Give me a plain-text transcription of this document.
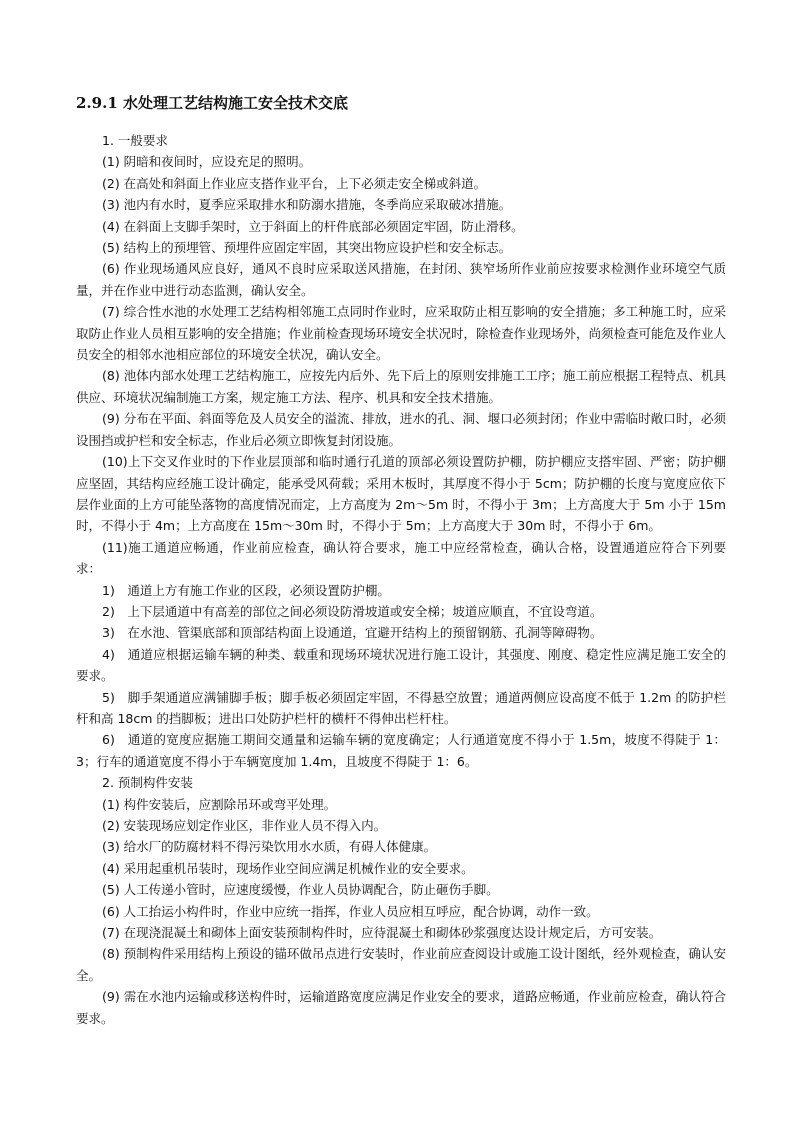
2.9.1 水处理工艺结构施工安全技术交底

1. 一般要求

(1) 阴暗和夜间时，应设充足的照明。

(2) 在高处和斜面上作业应支搭作业平台，上下必须走安全梯或斜道。

(3) 池内有水时，夏季应采取排水和防溺水措施，冬季尚应采取破冰措施。

(4) 在斜面上支脚手架时，立于斜面上的杆件底部必须固定牢固，防止滑移。

(5) 结构上的预埋管、预埋件应固定牢固，其突出物应设护栏和安全标志。

(6) 作业现场通风应良好，通风不良时应采取送风措施，在封闭、狭窄场所作业前应按要求检测作业环境空气质量，并在作业中进行动态监测，确认安全。

(7) 综合性水池的水处理工艺结构相邻施工点同时作业时，应采取防止相互影响的安全措施；多工种施工时，应采取防止作业人员相互影响的安全措施；作业前检查现场环境安全状况时，除检查作业现场外，尚须检查可能危及作业人员安全的相邻水池相应部位的环境安全状况，确认安全。

(8) 池体内部水处理工艺结构施工，应按先内后外、先下后上的原则安排施工工序；施工前应根据工程特点、机具供应、环境状况编制施工方案，规定施工方法、程序、机具和安全技术措施。

(9) 分布在平面、斜面等危及人员安全的溢流、排放，进水的孔、洞、堰口必须封闭；作业中需临时敞口时，必须设围挡或护栏和安全标志，作业后必须立即恢复封闭设施。

(10)上下交叉作业时的下作业层顶部和临时通行孔道的顶部必须设置防护棚，防护棚应支搭牢固、严密；防护棚应坚固，其结构应经施工设计确定，能承受风荷载；采用木板时，其厚度不得小于 5cm；防护棚的长度与宽度应依下层作业面的上方可能坠落物的高度情况而定，上方高度为 2m～5m 时，不得小于 3m；上方高度大于 5m 小于 15m 时，不得小于 4m；上方高度在 15m～30m 时，不得小于 5m；上方高度大于 30m 时，不得小于 6m。

(11)施工通道应畅通，作业前应检查，确认符合要求，施工中应经常检查，确认合格，设置通道应符合下列要求：

1)　通道上方有施工作业的区段，必须设置防护棚。

2)　上下层通道中有高差的部位之间必须设防滑坡道或安全梯；坡道应顺直，不宜设弯道。

3)　在水池、管渠底部和顶部结构面上设通道，宜避开结构上的预留钢筋、孔洞等障碍物。

4)　通道应根据运输车辆的种类、载重和现场环境状况进行施工设计，其强度、刚度、稳定性应满足施工安全的要求。

5)　脚手架通道应满铺脚手板；脚手板必须固定牢固，不得悬空放置；通道两侧应设高度不低于 1.2m 的防护栏杆和高 18cm 的挡脚板；进出口处防护栏杆的横杆不得伸出栏杆柱。

6)　通道的宽度应据施工期间交通量和运输车辆的宽度确定；人行通道宽度不得小于 1.5m，坡度不得陡于 1：3；行车的通道宽度不得小于车辆宽度加 1.4m，且坡度不得陡于 1：6。

2. 预制构件安装

(1) 构件安装后，应割除吊环或弯平处理。

(2) 安装现场应划定作业区，非作业人员不得入内。

(3) 给水厂的防腐材料不得污染饮用水水质，有碍人体健康。

(4) 采用起重机吊装时，现场作业空间应满足机械作业的安全要求。

(5) 人工传递小管时，应速度缓慢，作业人员协调配合，防止砸伤手脚。

(6) 人工抬运小构件时，作业中应统一指挥，作业人员应相互呼应，配合协调，动作一致。

(7) 在现浇混凝土和砌体上面安装预制构件时，应待混凝土和砌体砂浆强度达设计规定后，方可安装。

(8) 预制构件采用结构上预设的锚环做吊点进行安装时，作业前应查阅设计或施工设计图纸，经外观检查，确认安全。

(9) 需在水池内运输或移送构件时，运输道路宽度应满足作业安全的要求，道路应畅通，作业前应检查，确认符合要求。
